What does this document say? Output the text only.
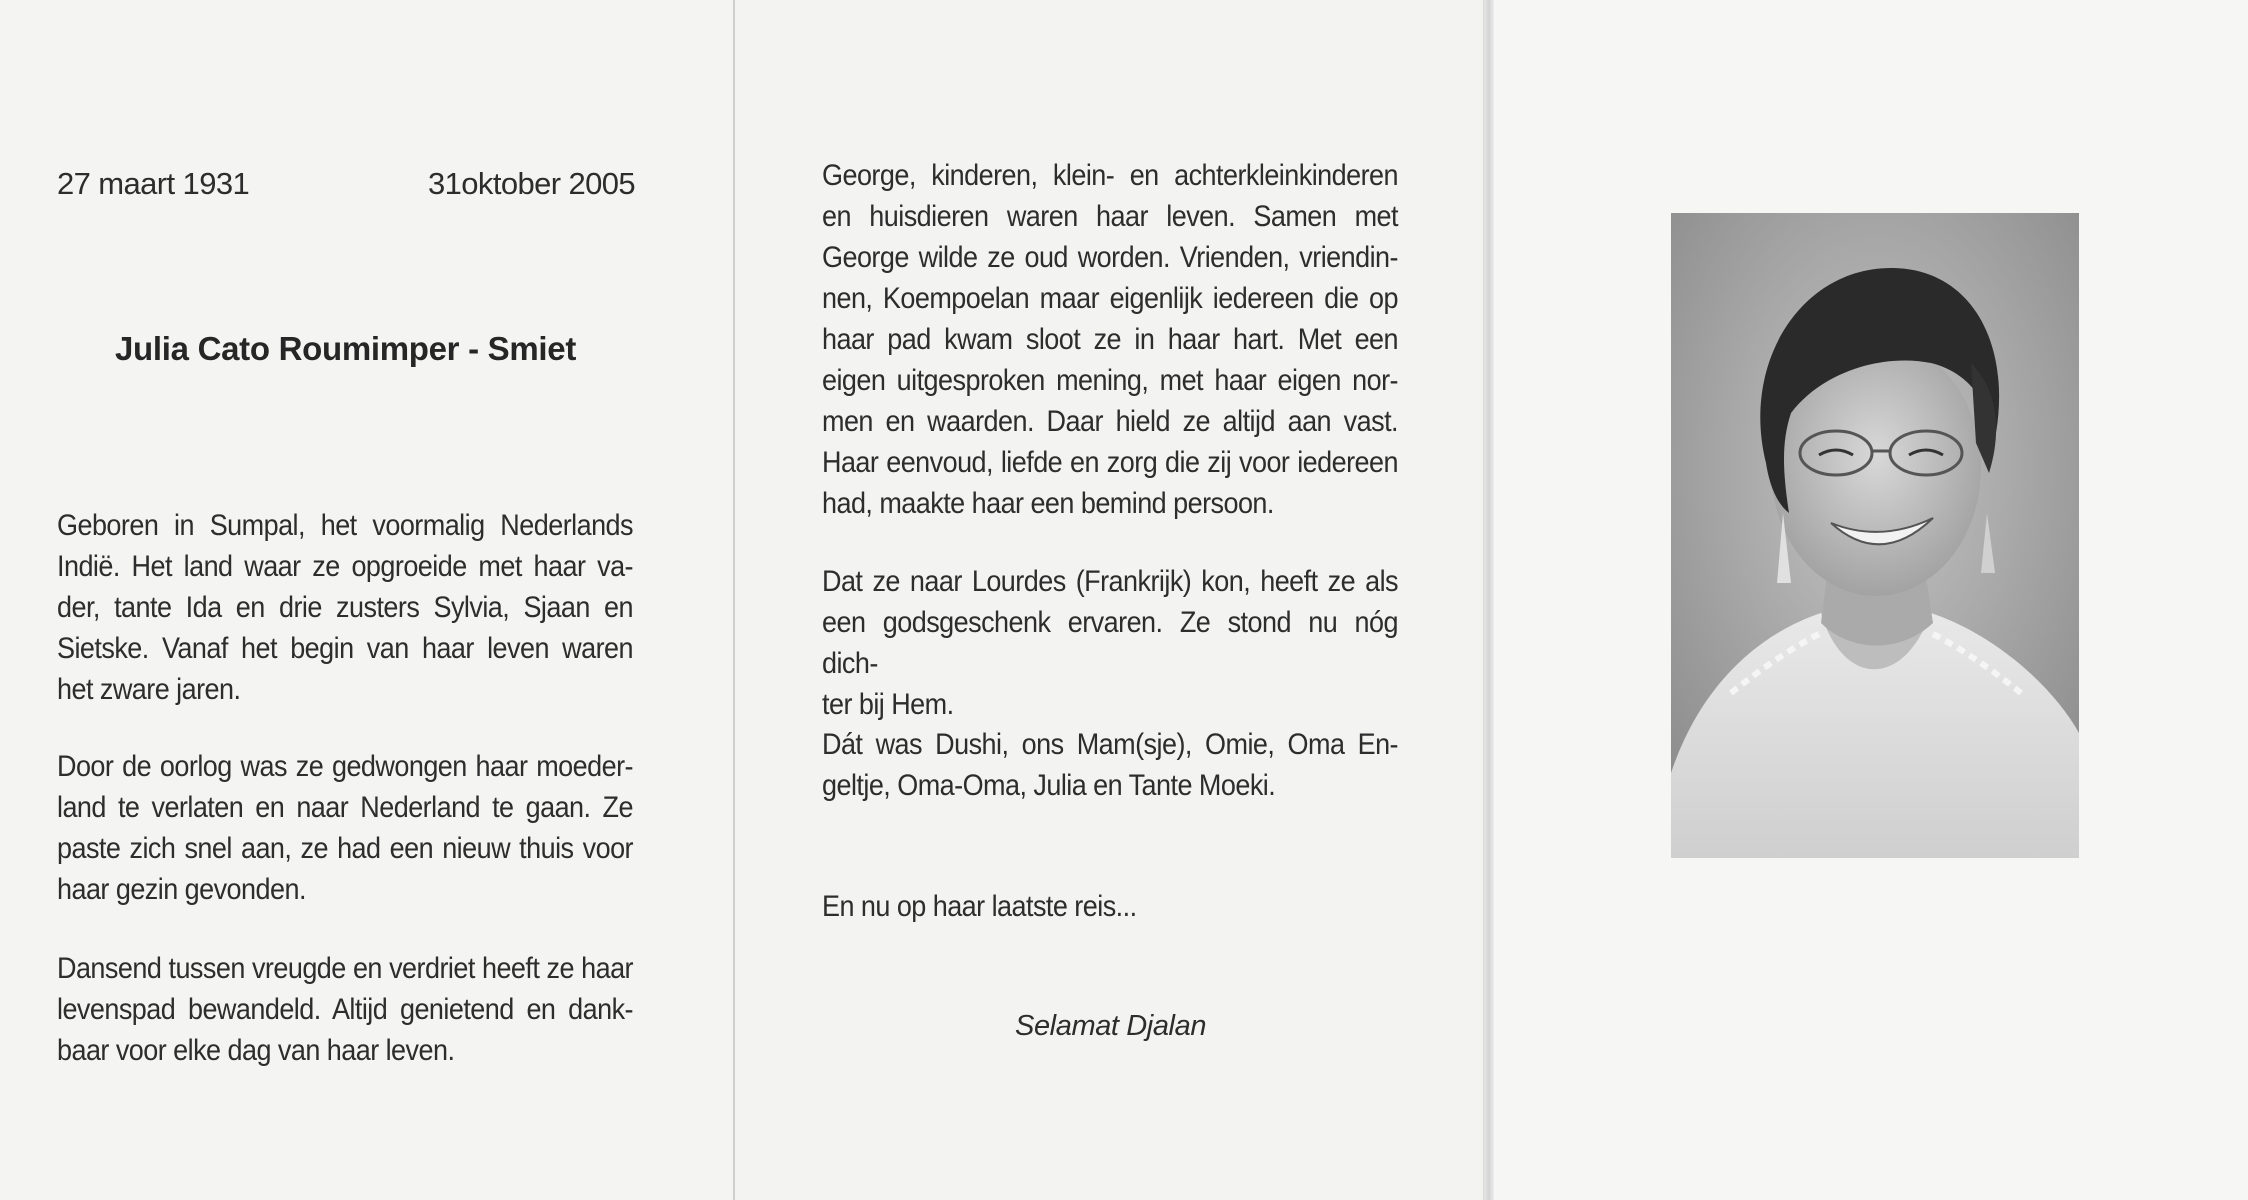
27 maart 1931	31oktober 2005
Julia Cato Roumimper - Smiet
Geboren in Sumpal, het voormalig Nederlands
Indië. Het land waar ze opgroeide met haar va-
der, tante Ida en drie zusters Sylvia, Sjaan en
Sietske. Vanaf het begin van haar leven waren
het zware jaren.
Door de oorlog was ze gedwongen haar moeder-
land te verlaten en naar Nederland te gaan. Ze
paste zich snel aan, ze had een nieuw thuis voor
haar gezin gevonden.
Dansend tussen vreugde en verdriet heeft ze haar
levenspad bewandeld. Altijd genietend en dank-
baar voor elke dag van haar leven.
George, kinderen, klein- en achterkleinkinderen
en huisdieren waren haar leven. Samen met
George wilde ze oud worden. Vrienden, vriendin-
nen, Koempoelan maar eigenlijk iedereen die op
haar pad kwam sloot ze in haar hart. Met een
eigen uitgesproken mening, met haar eigen nor-
men en waarden. Daar hield ze altijd aan vast.
Haar eenvoud, liefde en zorg die zij voor iedereen
had, maakte haar een bemind persoon.
Dat ze naar Lourdes (Frankrijk) kon, heeft ze als
een godsgeschenk ervaren. Ze stond nu nóg dich-
ter bij Hem.
Dát was Dushi, ons Mam(sje), Omie, Oma En-
geltje, Oma-Oma, Julia en Tante Moeki.
En nu op haar laatste reis...
Selamat Djalan
